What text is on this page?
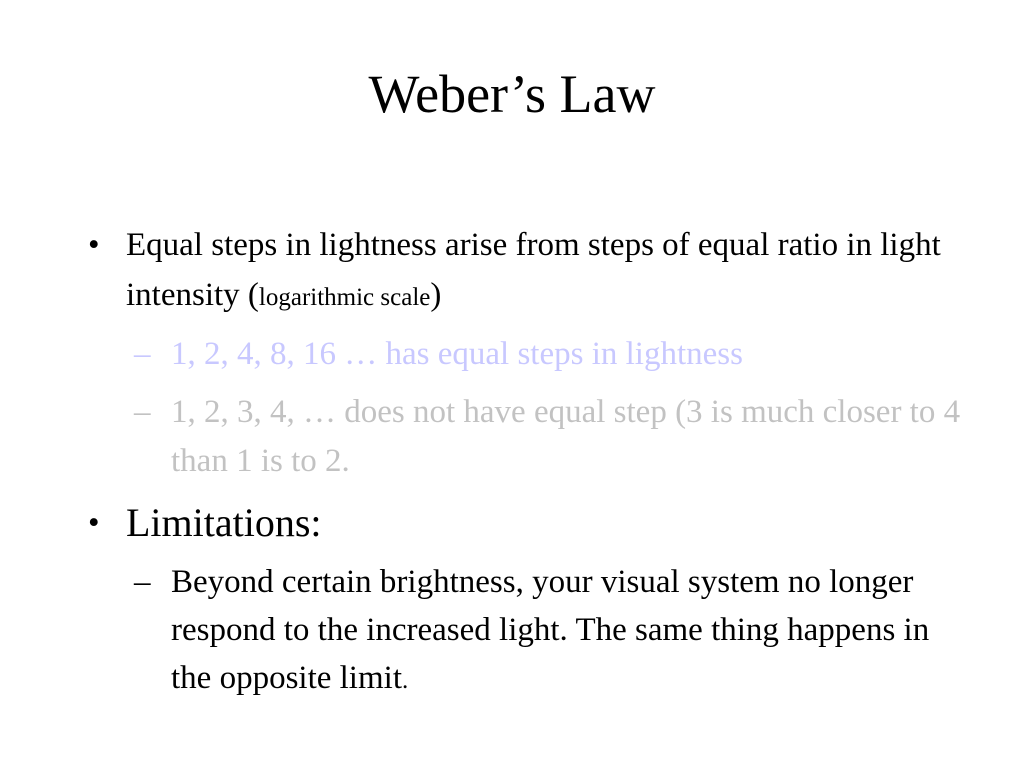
Weber’s Law
• Equal steps in lightness arise from steps of equal ratio in light intensity (logarithmic scale)
– 1, 2, 4, 8, 16 … has equal steps in lightness
– 1, 2, 3, 4, … does not have equal step (3 is much closer to 4 than 1 is to 2.
• Limitations:
– Beyond certain brightness, your visual system no longer respond to the increased light. The same thing happens in the opposite limit.
